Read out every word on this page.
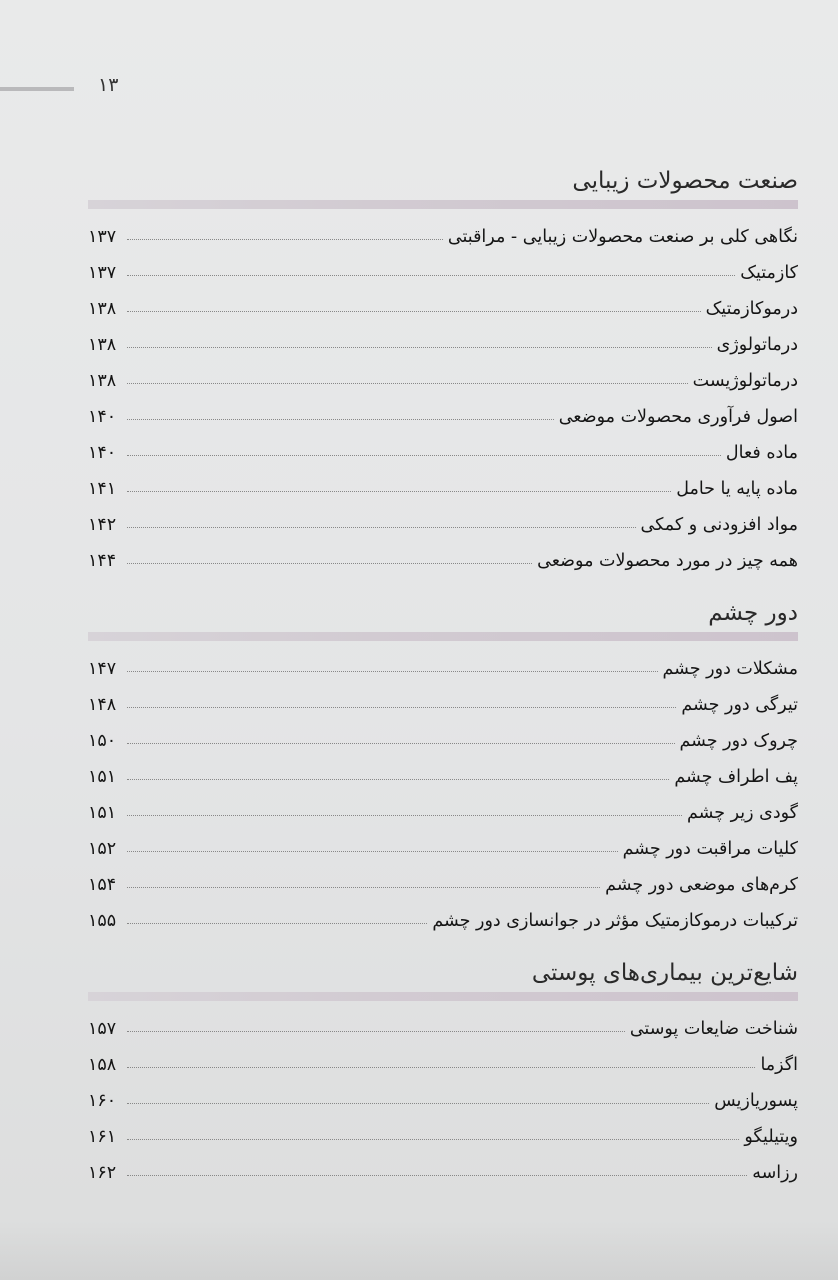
۱۳
صنعت محصولات زیبایی
نگاهی کلی بر صنعت محصولات زیبایی - مراقبتی
۱۳۷
کازمتیک
۱۳۷
درموکازمتیک
۱۳۸
درماتولوژی
۱۳۸
درماتولوژیست
۱۳۸
اصول فرآوری محصولات موضعی
۱۴۰
ماده فعال
۱۴۰
ماده پایه یا حامل
۱۴۱
مواد افزودنی و کمکی
۱۴۲
همه چیز در مورد محصولات موضعی
۱۴۴
دور چشم
مشکلات دور چشم
۱۴۷
تیرگی دور چشم
۱۴۸
چروک دور چشم
۱۵۰
پف اطراف چشم
۱۵۱
گودی زیر چشم
۱۵۱
کلیات مراقبت دور چشم
۱۵۲
کرم‌های موضعی دور چشم
۱۵۴
ترکیبات درموکازمتیک مؤثر در جوانسازی دور چشم
۱۵۵
شایع‌ترین بیماری‌های پوستی
شناخت ضایعات پوستی
۱۵۷
اگزما
۱۵۸
پسوریازیس
۱۶۰
ویتیلیگو
۱۶۱
رزاسه
۱۶۲
